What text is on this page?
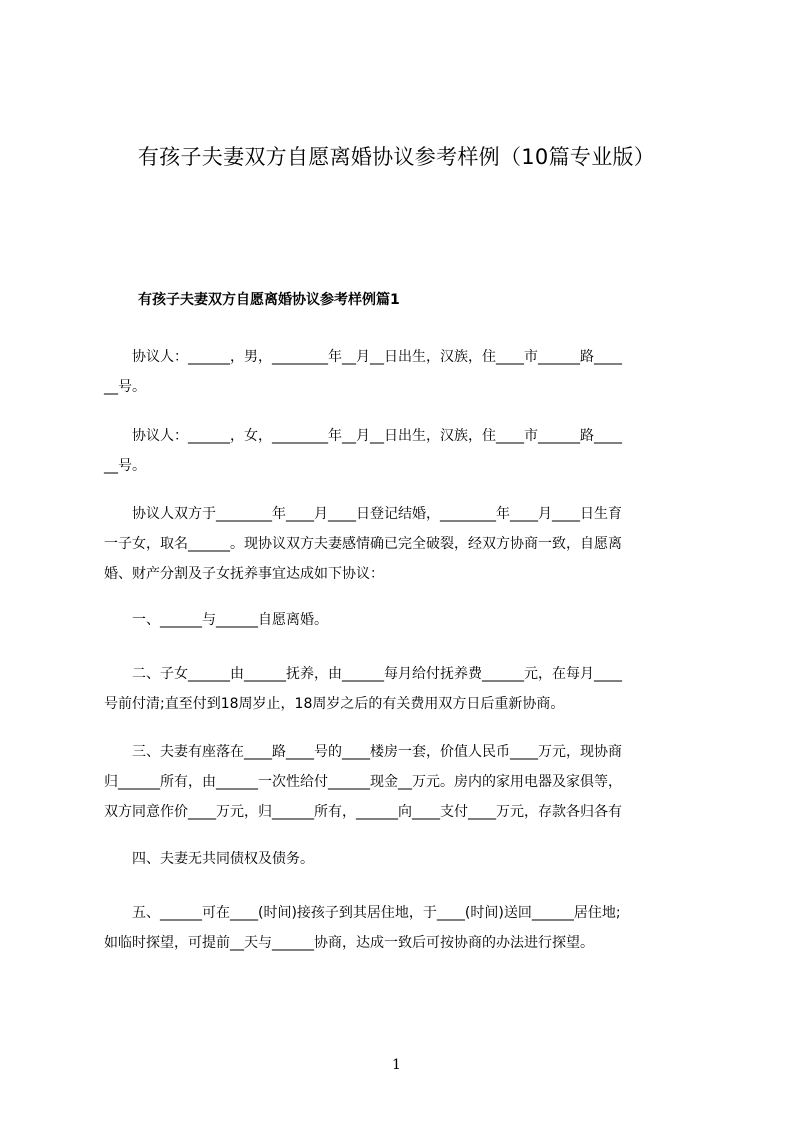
有孩子夫妻双方自愿离婚协议参考样例（10篇专业版）
有孩子夫妻双方自愿离婚协议参考样例篇1
　　协议人：______，男，________年__月__日出生，汉族，住____市______路____
__号。
　　协议人：______，女，________年__月__日出生，汉族，住____市______路____
__号。
　　协议人双方于________年____月____日登记结婚，________年____月____日生育
一子女，取名______。现协议双方夫妻感情确已完全破裂，经双方协商一致，自愿离
婚、财产分割及子女抚养事宜达成如下协议：
　　一、______与______自愿离婚。
　　二、子女______由______抚养，由______每月给付抚养费______元，在每月____
号前付清;直至付到18周岁止，18周岁之后的有关费用双方日后重新协商。
　　三、夫妻有座落在____路____号的____楼房一套，价值人民币____万元，现协商
归______所有，由______一次性给付______现金__万元。房内的家用电器及家俱等，
双方同意作价____万元，归______所有，______向____支付____万元，存款各归各有
　　四、夫妻无共同债权及债务。
　　五、______可在____(时间)接孩子到其居住地，于____(时间)送回______居住地;
如临时探望，可提前__天与______协商，达成一致后可按协商的办法进行探望。
1
